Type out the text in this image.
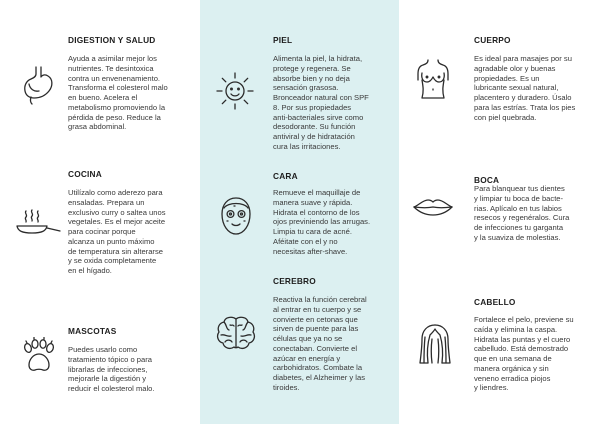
DIGESTION Y SALUD
Ayuda a asimilar mejor los
nutrientes. Te desintoxica
contra un envenenamiento.
Transforma el colesterol malo
en bueno. Acelera el
metabolismo promoviendo la
pérdida de peso. Reduce la
grasa abdominal.
COCINA
Utilízalo como aderezo para
ensaladas. Prepara un
exclusivo curry o saltea unos
vegetales. Es el mejor aceite
para cocinar porque
alcanza un punto máximo
de temperatura sin alterarse
y se oxida completamente
en el hígado.
MASCOTAS
Puedes usarlo como
tratamiento tópico o para
librarlas de infecciones,
mejorarle la digestión y
reducir el colesterol malo.
PIEL
Alimenta la piel, la hidrata,
protege y regenera. Se
absorbe bien y no deja
sensación grasosa.
Bronceador natural con SPF
8. Por sus propiedades
anti-bacteriales sirve como
desodorante. Su función
antiviral y de hidratación
cura las irritaciones.
CARA
Remueve el maquillaje de
manera suave y rápida.
Hidrata el contorno de los
ojos previniendo las arrugas.
Limpia tu cara de acné.
Aféitate con el y no
necesitas after-shave.
CEREBRO
Reactiva la función cerebral
al entrar en tu cuerpo y se
convierte en cetonas que
sirven de puente para las
células que ya no se
conectaban. Convierte el
azúcar en energía y
carbohidratos. Combate la
diabetes, el Alzheimer y las
tiroides.
CUERPO
Es ideal para masajes por su
agradable olor y buenas
propiedades. Es un
lubricante sexual natural,
placentero y duradero. Úsalo
para las estrías. Trata los pies
con piel quebrada.
BOCA
Para blanquear tus dientes
y limpiar tu boca de bacte-
rias. Aplícalo en tus labios
resecos y regenéralos. Cura
de infecciones tu garganta
y la suaviza de molestias.
CABELLO
Fortalece el pelo, previene su
caída y elimina la caspa.
Hidrata las puntas y el cuero
cabelludo. Está demostrado
que en una semana de
manera orgánica y sin
veneno erradica piojos
y liendres.
